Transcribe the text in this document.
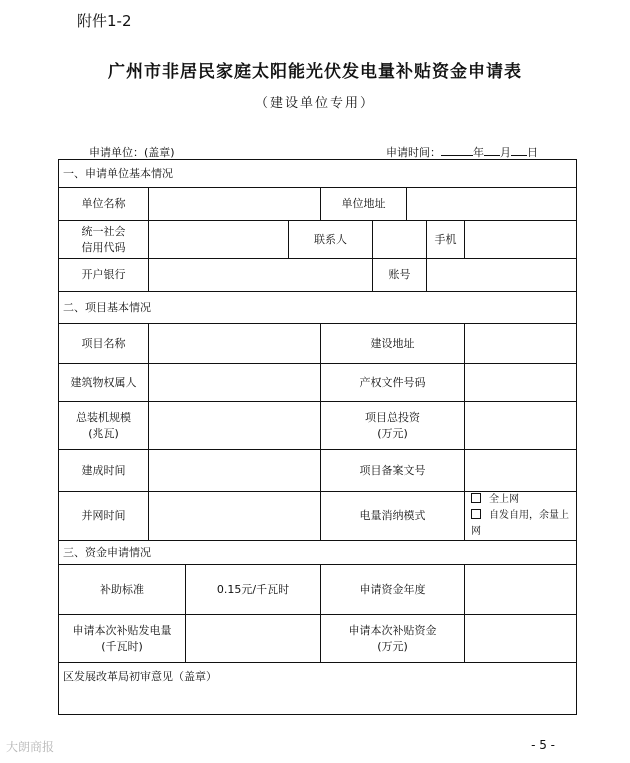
附件1-2
广州市非居民家庭太阳能光伏发电量补贴资金申请表
（建设单位专用）
申请单位：(盖章)	申请时间：	年 月 日
一、申请单位基本情况								
单位名称				单位地址				

统一社会
信用代码			联系人				手机	
开户银行					账号			
二、项目基本情况								
项目名称				建设地址				
建筑物权属人				产权文件号码				

总装机规模
(兆瓦)				项目总投资
(万元)				

建成时间				项目备案文号				
并网时间				电量消纳模式				全上网
自发自用，余量上网

三、资金申请情况								
补助标准		0.15元/千瓦时		申请资金年度				

申请本次补贴发电量
(千瓦时)				申请本次补贴资金
(万元)				

区发展改革局初审意见（盖章）								
大朗商报	- 5 -
